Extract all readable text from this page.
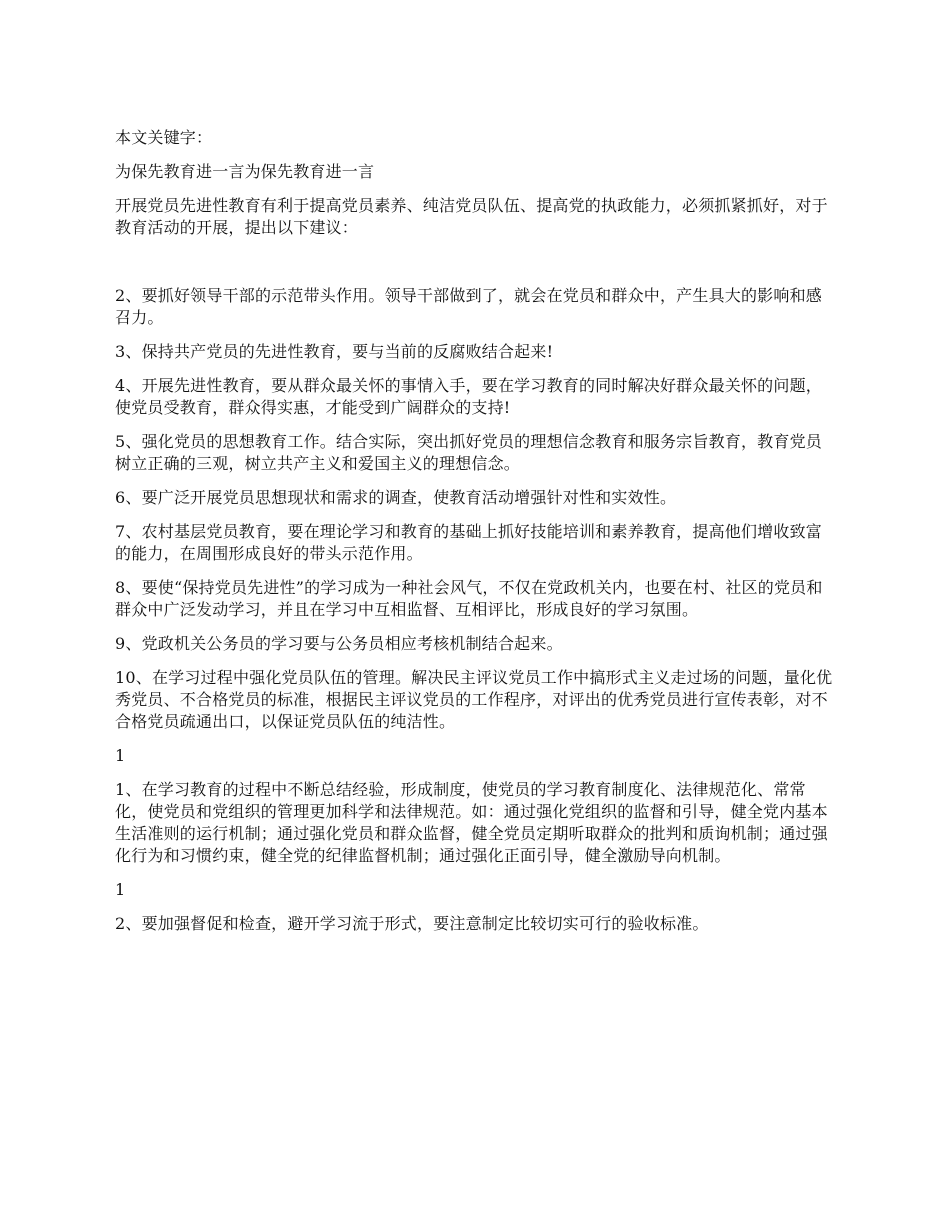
本文关键字：

为保先教育进一言为保先教育进一言

开展党员先进性教育有利于提高党员素养、纯洁党员队伍、提高党的执政能力，必须抓紧抓好，对于教育活动的开展，提出以下建议：

2、要抓好领导干部的示范带头作用。领导干部做到了，就会在党员和群众中，产生具大的影响和感召力。

3、保持共产党员的先进性教育，要与当前的反腐败结合起来!

4、开展先进性教育，要从群众最关怀的事情入手，要在学习教育的同时解决好群众最关怀的问题，使党员受教育，群众得实惠，才能受到广阔群众的支持!

5、强化党员的思想教育工作。结合实际，突出抓好党员的理想信念教育和服务宗旨教育，教育党员树立正确的三观，树立共产主义和爱国主义的理想信念。

6、要广泛开展党员思想现状和需求的调查，使教育活动增强针对性和实效性。

7、农村基层党员教育，要在理论学习和教育的基础上抓好技能培训和素养教育，提高他们增收致富的能力，在周围形成良好的带头示范作用。

8、要使“保持党员先进性”的学习成为一种社会风气，不仅在党政机关内，也要在村、社区的党员和群众中广泛发动学习，并且在学习中互相监督、互相评比，形成良好的学习氛围。

9、党政机关公务员的学习要与公务员相应考核机制结合起来。

10、在学习过程中强化党员队伍的管理。解决民主评议党员工作中搞形式主义走过场的问题，量化优秀党员、不合格党员的标准，根据民主评议党员的工作程序，对评出的优秀党员进行宣传表彰，对不合格党员疏通出口，以保证党员队伍的纯洁性。

1

1、在学习教育的过程中不断总结经验，形成制度，使党员的学习教育制度化、法律规范化、常常化，使党员和党组织的管理更加科学和法律规范。如：通过强化党组织的监督和引导，健全党内基本生活准则的运行机制；通过强化党员和群众监督，健全党员定期听取群众的批判和质询机制；通过强化行为和习惯约束，健全党的纪律监督机制；通过强化正面引导，健全激励导向机制。

1

2、要加强督促和检查，避开学习流于形式，要注意制定比较切实可行的验收标准。
